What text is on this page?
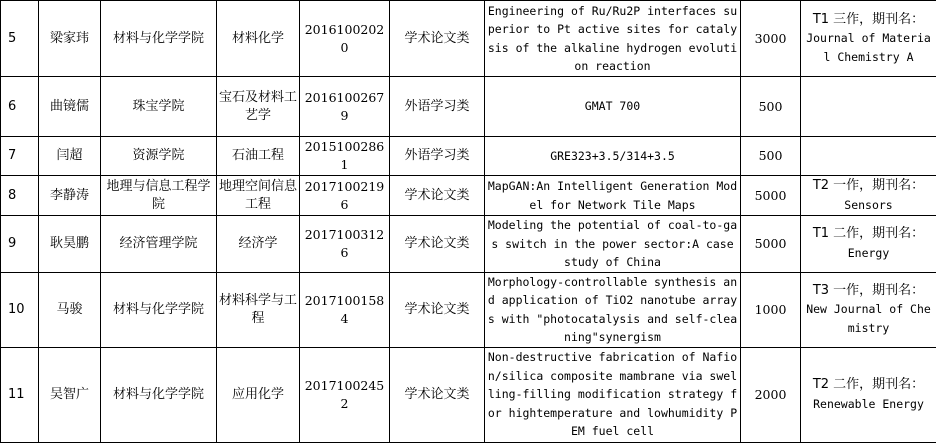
5	梁家玮	材料与化学学院	材料化学	20161002020	学术论文类	Engineering of Ru/Ru2P interfaces superior to Pt active sites for catalysis of the alkaline hydrogen evolution reaction	3000	T1 三作，期刊名：
Journal of Material Chemistry A

6	曲镜儒	珠宝学院	宝石及材料工艺学	20161002679	外语学习类	GMAT 700	500	

7	闫超	资源学院	石油工程	20151002861	外语学习类	GRE323+3.5/314+3.5	500	

8	李静涛	地理与信息工程学院	地理空间信息工程	20171002196	学术论文类	MapGAN:An Intelligent Generation Model for Network Tile Maps	5000	T2 一作，期刊名：
Sensors

9	耿昊鹏	经济管理学院	经济学	20171003126	学术论文类	Modeling the potential of coal-to-gas switch in the power sector:A case study of China	5000	T1 二作，期刊名：
Energy

10	马骏	材料与化学学院	材料科学与工程	20171001584	学术论文类	Morphology-controllable synthesis and application of TiO2 nanotube arrays with "photocatalysis and self-cleaning"synergism	1000	T3 一作，期刊名：
New Journal of Chemistry

11	吴智广	材料与化学学院	应用化学	20171002452	学术论文类	Non-destructive fabrication of Nafion/silica composite mambrane via swelling-filling modification strategy for hightemperature and lowhumidity PEM fuel cell	2000	T2 二作，期刊名：
Renewable Energy
